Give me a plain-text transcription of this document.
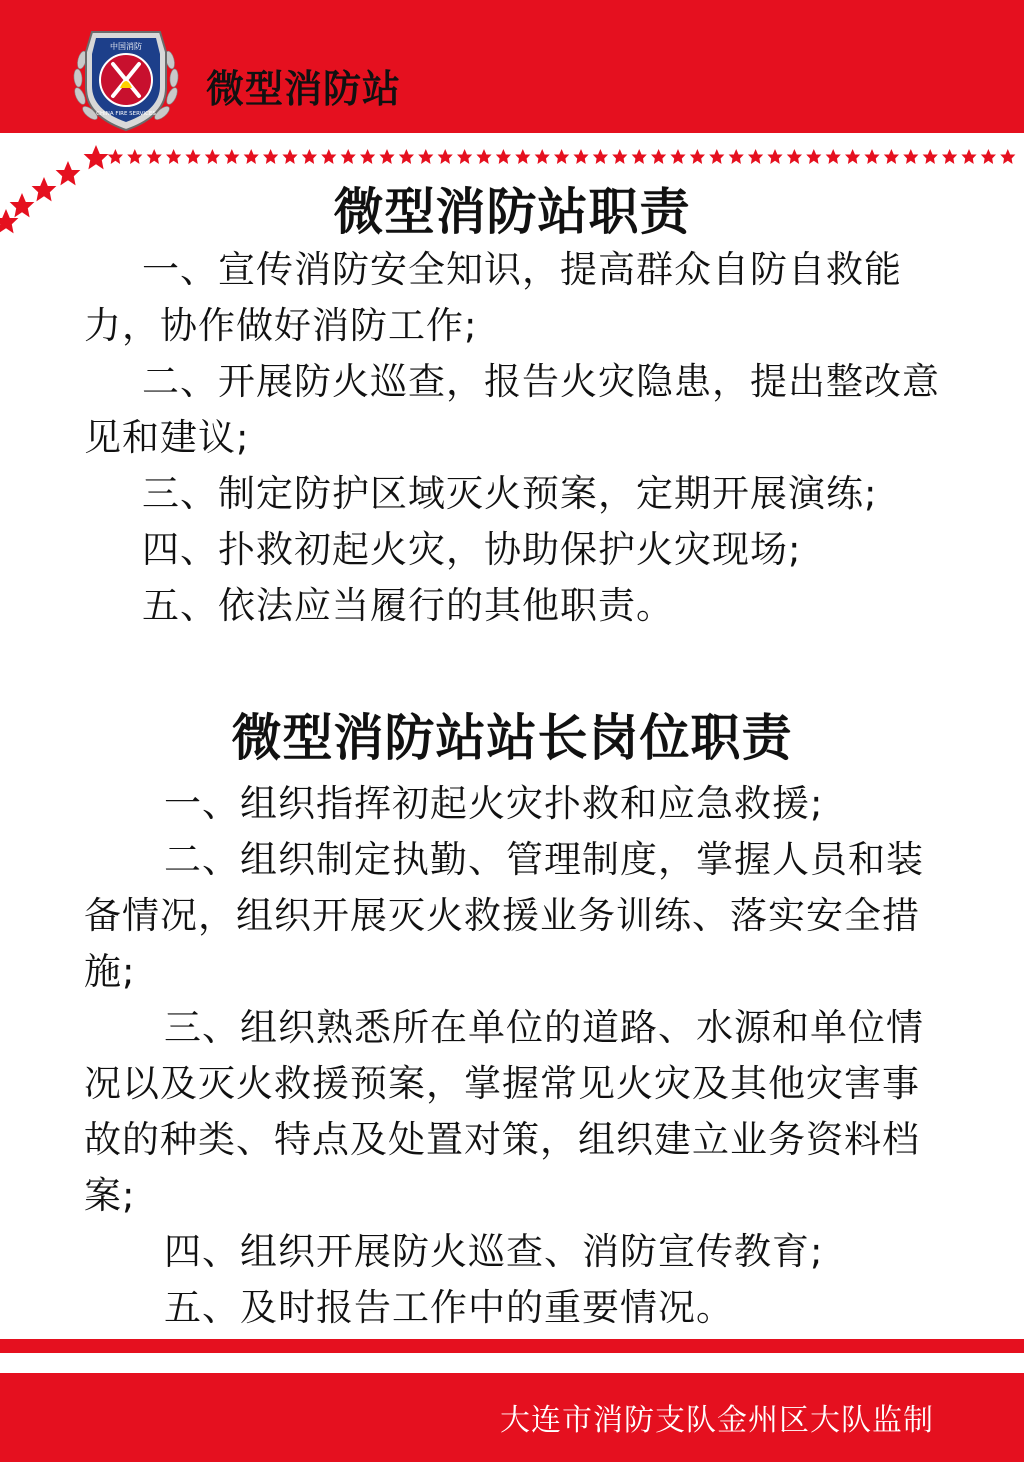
中国消防
CHINA FIRE SERVICES
微型消防站
微型消防站职责

一、宣传消防安全知识，提高群众自防自救能力，协作做好消防工作;

二、开展防火巡查，报告火灾隐患，提出整改意见和建议;

三、制定防护区域灭火预案，定期开展演练;

四、扑救初起火灾，协助保护火灾现场;

五、依法应当履行的其他职责。

微型消防站站长岗位职责

一、组织指挥初起火灾扑救和应急救援;

二、组织制定执勤、管理制度，掌握人员和装备情况，组织开展灭火救援业务训练、落实安全措施;

三、组织熟悉所在单位的道路、水源和单位情况以及灭火救援预案，掌握常见火灾及其他灾害事故的种类、特点及处置对策，组织建立业务资料档案;

四、组织开展防火巡查、消防宣传教育;

五、及时报告工作中的重要情况。

大连市消防支队金州区大队监制
